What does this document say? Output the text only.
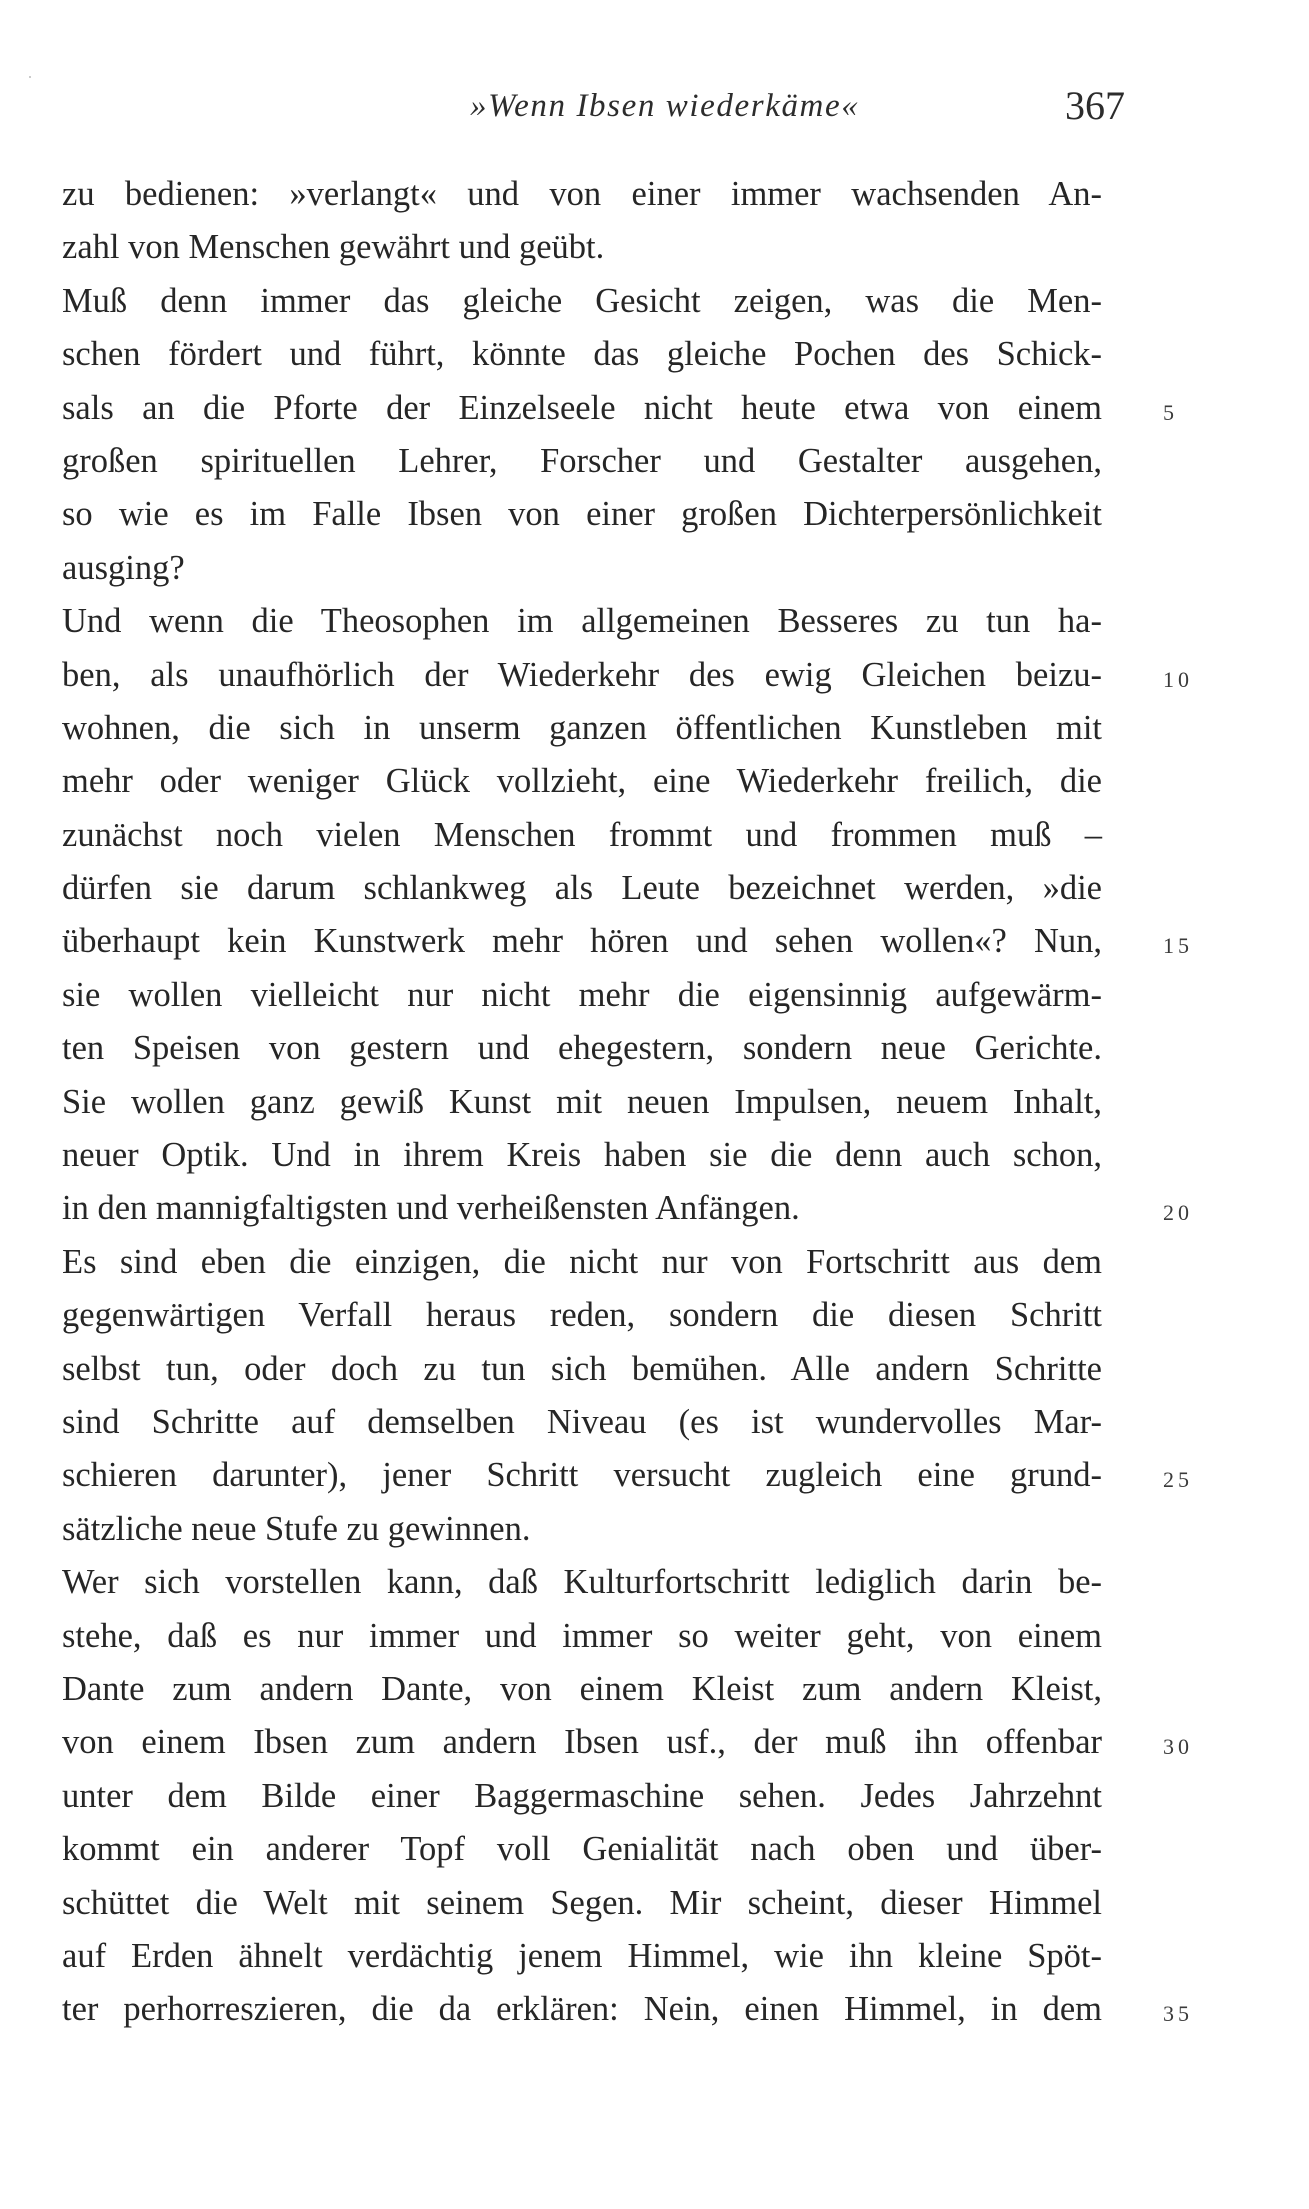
»Wenn Ibsen wiederkäme«	367
zu bedienen: »verlangt« und von einer immer wachsenden An-
zahl von Menschen gewährt und geübt.
Muß denn immer das gleiche Gesicht zeigen, was die Men-
schen fördert und führt, könnte das gleiche Pochen des Schick-
sals an die Pforte der Einzelseele nicht heute etwa von einem	5
großen spirituellen Lehrer, Forscher und Gestalter ausgehen,
so wie es im Falle Ibsen von einer großen Dichterpersönlichkeit
ausging?
Und wenn die Theosophen im allgemeinen Besseres zu tun ha-
ben, als unaufhörlich der Wiederkehr des ewig Gleichen beizu-	10
wohnen, die sich in unserm ganzen öffentlichen Kunstleben mit
mehr oder weniger Glück vollzieht, eine Wiederkehr freilich, die
zunächst noch vielen Menschen frommt und frommen muß –
dürfen sie darum schlankweg als Leute bezeichnet werden, »die
überhaupt kein Kunstwerk mehr hören und sehen wollen«? Nun,	15
sie wollen vielleicht nur nicht mehr die eigensinnig aufgewärm-
ten Speisen von gestern und ehegestern, sondern neue Gerichte.
Sie wollen ganz gewiß Kunst mit neuen Impulsen, neuem Inhalt,
neuer Optik. Und in ihrem Kreis haben sie die denn auch schon,
in den mannigfaltigsten und verheißensten Anfängen.	20
Es sind eben die einzigen, die nicht nur von Fortschritt aus dem
gegenwärtigen Verfall heraus reden, sondern die diesen Schritt
selbst tun, oder doch zu tun sich bemühen. Alle andern Schritte
sind Schritte auf demselben Niveau (es ist wundervolles Mar-
schieren darunter), jener Schritt versucht zugleich eine grund-	25
sätzliche neue Stufe zu gewinnen.
Wer sich vorstellen kann, daß Kulturfortschritt lediglich darin be-
stehe, daß es nur immer und immer so weiter geht, von einem
Dante zum andern Dante, von einem Kleist zum andern Kleist,
von einem Ibsen zum andern Ibsen usf., der muß ihn offenbar	30
unter dem Bilde einer Baggermaschine sehen. Jedes Jahrzehnt
kommt ein anderer Topf voll Genialität nach oben und über-
schüttet die Welt mit seinem Segen. Mir scheint, dieser Himmel
auf Erden ähnelt verdächtig jenem Himmel, wie ihn kleine Spöt-
ter perhorreszieren, die da erklären: Nein, einen Himmel, in dem	35
